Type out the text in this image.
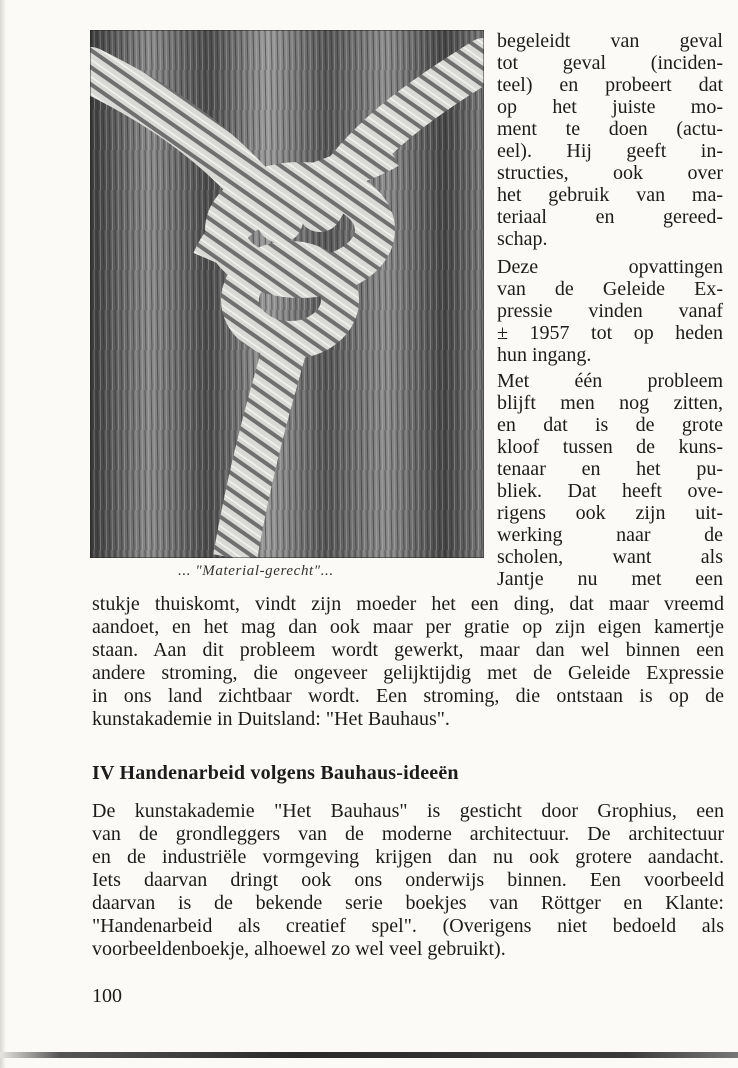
... "Material-gerecht"...
begeleidt van geval
tot geval (inciden-
teel) en probeert dat
op het juiste mo-
ment te doen (actu-
eel). Hij geeft in-
structies, ook over
het gebruik van ma-
teriaal en gereed-
schap.
Deze opvattingen
van de Geleide Ex-
pressie vinden vanaf
± 1957 tot op heden
hun ingang.
Met één probleem
blijft men nog zitten,
en dat is de grote
kloof tussen de kuns-
tenaar en het pu-
bliek. Dat heeft ove-
rigens ook zijn uit-
werking naar de
scholen, want als
Jantje nu met een
stukje thuiskomt, vindt zijn moeder het een ding, dat maar vreemd
aandoet, en het mag dan ook maar per gratie op zijn eigen kamertje
staan. Aan dit probleem wordt gewerkt, maar dan wel binnen een
andere stroming, die ongeveer gelijktijdig met de Geleide Expressie
in ons land zichtbaar wordt. Een stroming, die ontstaan is op de
kunstakademie in Duitsland: "Het Bauhaus".
IV Handenarbeid volgens Bauhaus-ideeën
De kunstakademie "Het Bauhaus" is gesticht door Grophius, een
van de grondleggers van de moderne architectuur. De architectuur
en de industriële vormgeving krijgen dan nu ook grotere aandacht.
Iets daarvan dringt ook ons onderwijs binnen. Een voorbeeld
daarvan is de bekende serie boekjes van Röttger en Klante:
"Handenarbeid als creatief spel". (Overigens niet bedoeld als
voorbeeldenboekje, alhoewel zo wel veel gebruikt).
100
